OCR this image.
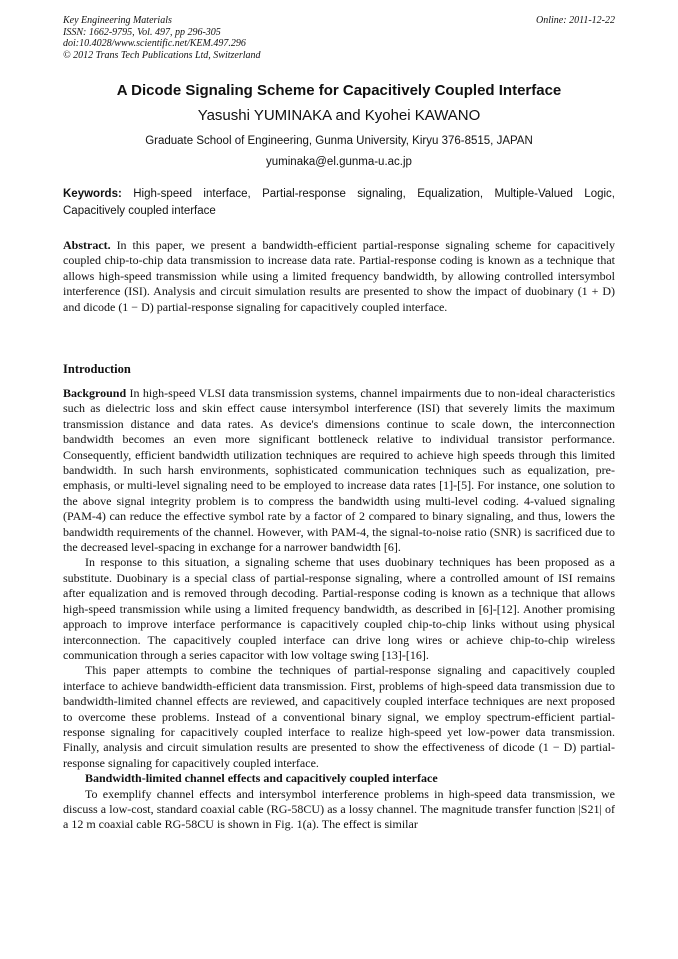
Key Engineering Materials
ISSN: 1662-9795, Vol. 497, pp 296-305
doi:10.4028/www.scientific.net/KEM.497.296
© 2012 Trans Tech Publications Ltd, Switzerland
Online: 2011-12-22
A Dicode Signaling Scheme for Capacitively Coupled Interface
Yasushi YUMINAKA and Kyohei KAWANO
Graduate School of Engineering, Gunma University, Kiryu 376-8515, JAPAN
yuminaka@el.gunma-u.ac.jp
Keywords: High-speed interface, Partial-response signaling, Equalization, Multiple-Valued Logic, Capacitively coupled interface
Abstract. In this paper, we present a bandwidth-efficient partial-response signaling scheme for capacitively coupled chip-to-chip data transmission to increase data rate. Partial-response coding is known as a technique that allows high-speed transmission while using a limited frequency bandwidth, by allowing controlled intersymbol interference (ISI). Analysis and circuit simulation results are presented to show the impact of duobinary (1 + D) and dicode (1 − D) partial-response signaling for capacitively coupled interface.
Introduction

Background In high-speed VLSI data transmission systems, channel impairments due to non-ideal characteristics such as dielectric loss and skin effect cause intersymbol interference (ISI) that severely limits the maximum transmission distance and data rates. As device's dimensions continue to scale down, the interconnection bandwidth becomes an even more significant bottleneck relative to individual transistor performance. Consequently, efficient bandwidth utilization techniques are required to achieve high speeds through this limited bandwidth. In such harsh environments, sophisticated communication techniques such as equalization, pre-emphasis, or multi-level signaling need to be employed to increase data rates [1]-[5]. For instance, one solution to the above signal integrity problem is to compress the bandwidth using multi-level coding. 4-valued signaling (PAM-4) can reduce the effective symbol rate by a factor of 2 compared to binary signaling, and thus, lowers the bandwidth requirements of the channel. However, with PAM-4, the signal-to-noise ratio (SNR) is sacrificed due to the decreased level-spacing in exchange for a narrower bandwidth [6].

In response to this situation, a signaling scheme that uses duobinary techniques has been proposed as a substitute. Duobinary is a special class of partial-response signaling, where a controlled amount of ISI remains after equalization and is removed through decoding. Partial-response coding is known as a technique that allows high-speed transmission while using a limited frequency bandwidth, as described in [6]-[12]. Another promising approach to improve interface performance is capacitively coupled chip-to-chip links without using physical interconnection. The capacitively coupled interface can drive long wires or achieve chip-to-chip wireless communication through a series capacitor with low voltage swing [13]-[16].

This paper attempts to combine the techniques of partial-response signaling and capacitively coupled interface to achieve bandwidth-efficient data transmission. First, problems of high-speed data transmission due to bandwidth-limited channel effects are reviewed, and capacitively coupled interface techniques are next proposed to overcome these problems. Instead of a conventional binary signal, we employ spectrum-efficient partial-response signaling for capacitively coupled interface to realize high-speed yet low-power data transmission. Finally, analysis and circuit simulation results are presented to show the effectiveness of dicode (1 − D) partial-response signaling for capacitively coupled interface.

Bandwidth-limited channel effects and capacitively coupled interface

To exemplify channel effects and intersymbol interference problems in high-speed data transmission, we discuss a low-cost, standard coaxial cable (RG-58CU) as a lossy channel. The magnitude transfer function |S21| of a 12 m coaxial cable RG-58CU is shown in Fig. 1(a). The effect is similar
